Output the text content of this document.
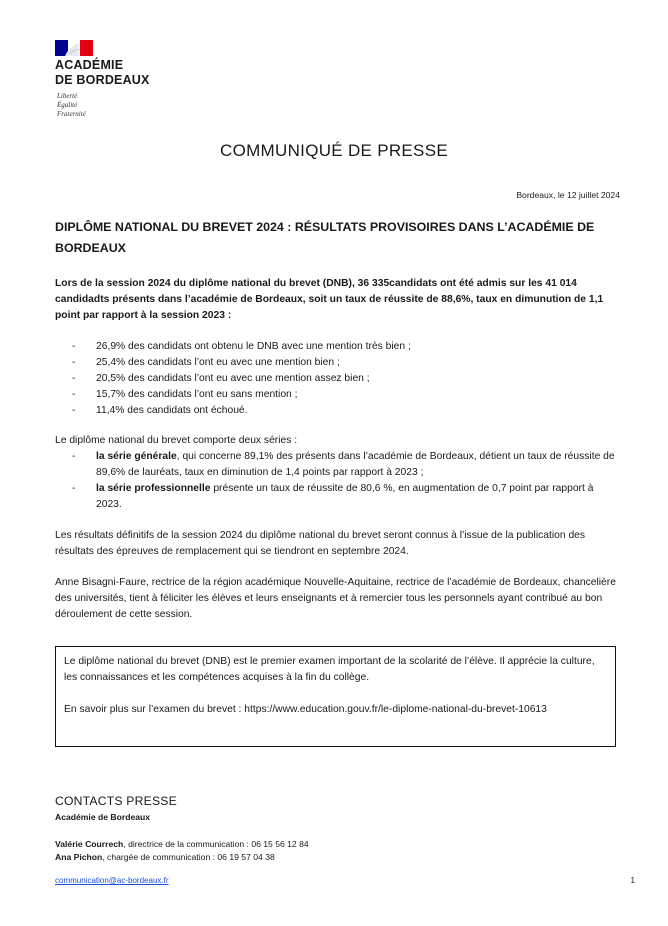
ACADÉMIE
DE BORDEAUX
Liberté
Égalité
Fraternité
COMMUNIQUÉ DE PRESSE
Bordeaux, le 12 juillet 2024
DIPLÔME NATIONAL DU BREVET 2024 : RÉSULTATS PROVISOIRES DANS L’ACADÉMIE DE BORDEAUX
Lors de la session 2024 du diplôme national du brevet (DNB), 36 335candidats ont été admis sur les 41 014 candidadts présents dans l’académie de Bordeaux, soit un taux de réussite de 88,6%, taux en dimunution de 1,1 point par rapport à la session 2023 :
- 26,9% des candidats ont obtenu le DNB avec une mention très bien ;
- 25,4% des candidats l’ont eu avec une mention bien ;
- 20,5% des candidats l’ont eu avec une mention assez bien ;
- 15,7% des candidats l’ont eu sans mention ;
- 11,4% des candidats ont échoué.
Le diplôme national du brevet comporte deux séries :
- la série générale, qui concerne 89,1% des présents dans l’académie de Bordeaux, détient un taux de réussite de 89,6% de lauréats, taux en diminution de 1,4 points par rapport à 2023 ;
- la série professionnelle présente un taux de réussite de 80,6 %, en augmentation de 0,7 point par rapport à 2023.
Les résultats définitifs de la session 2024 du diplôme national du brevet seront connus à l’issue de la publication des résultats des épreuves de remplacement qui se tiendront en septembre 2024.
Anne Bisagni-Faure, rectrice de la région académique Nouvelle-Aquitaine, rectrice de l’académie de Bordeaux, chancelière des universités, tient à féliciter les élèves et leurs enseignants et à remercier tous les personnels ayant contribué au bon déroulement de cette session.

Le diplôme national du brevet (DNB) est le premier examen important de la scolarité de l’élève. Il apprécie la culture, les connaissances et les compétences acquises à la fin du collège.

En savoir plus sur l’examen du brevet : https://www.education.gouv.fr/le-diplome-national-du-brevet-10613

CONTACTS PRESSE
Académie de Bordeaux
Valérie Courrech, directrice de la communication : 06 15 56 12 84
Ana Pichon, chargée de communication : 06 19 57 04 38
communication@ac-bordeaux.fr	1
